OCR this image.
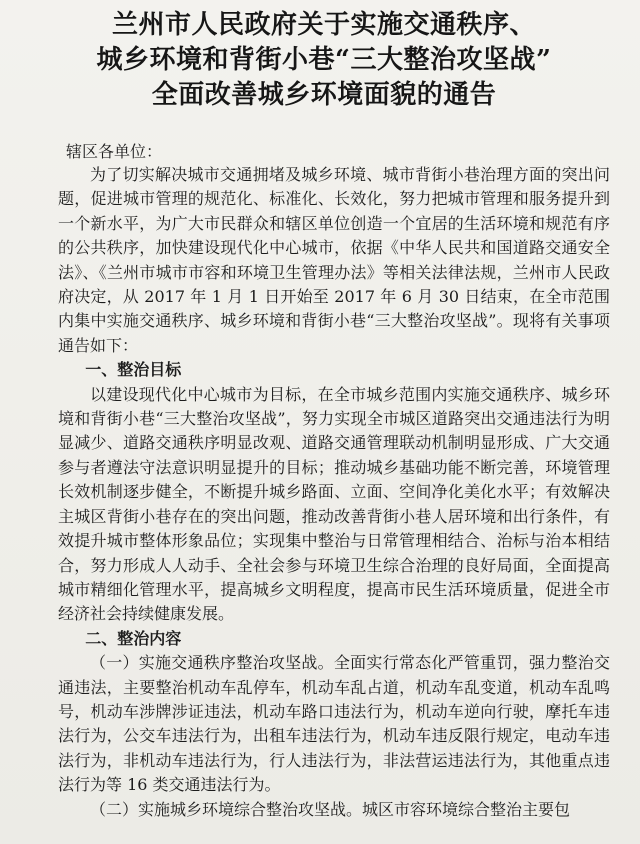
兰州市人民政府关于实施交通秩序、
城乡环境和背街小巷“三大整治攻坚战”
全面改善城乡环境面貌的通告

辖区各单位：

为了切实解决城市交通拥堵及城乡环境、城市背街小巷治理方面的突出问题，促进城市管理的规范化、标准化、长效化，努力把城市管理和服务提升到一个新水平，为广大市民群众和辖区单位创造一个宜居的生活环境和规范有序的公共秩序，加快建设现代化中心城市，依据《中华人民共和国道路交通安全法》、《兰州市城市市容和环境卫生管理办法》等相关法律法规，兰州市人民政府决定，从 2017 年 1 月 1 日开始至 2017 年 6 月 30 日结束，在全市范围内集中实施交通秩序、城乡环境和背街小巷“三大整治攻坚战”。现将有关事项通告如下：

一、整治目标

以建设现代化中心城市为目标，在全市城乡范围内实施交通秩序、城乡环境和背街小巷“三大整治攻坚战”，努力实现全市城区道路突出交通违法行为明显减少、道路交通秩序明显改观、道路交通管理联动机制明显形成、广大交通参与者遵法守法意识明显提升的目标；推动城乡基础功能不断完善，环境管理长效机制逐步健全，不断提升城乡路面、立面、空间净化美化水平；有效解决主城区背街小巷存在的突出问题，推动改善背街小巷人居环境和出行条件，有效提升城市整体形象品位；实现集中整治与日常管理相结合、治标与治本相结合，努力形成人人动手、全社会参与环境卫生综合治理的良好局面，全面提高城市精细化管理水平，提高城乡文明程度，提高市民生活环境质量，促进全市经济社会持续健康发展。

二、整治内容

（一）实施交通秩序整治攻坚战。全面实行常态化严管重罚，强力整治交通违法，主要整治机动车乱停车，机动车乱占道，机动车乱变道，机动车乱鸣号，机动车涉牌涉证违法，机动车路口违法行为，机动车逆向行驶，摩托车违法行为，公交车违法行为，出租车违法行为，机动车违反限行规定，电动车违法行为，非机动车违法行为，行人违法行为，非法营运违法行为，其他重点违法行为等 16 类交通违法行为。

（二）实施城乡环境综合整治攻坚战。城区市容环境综合整治主要包
